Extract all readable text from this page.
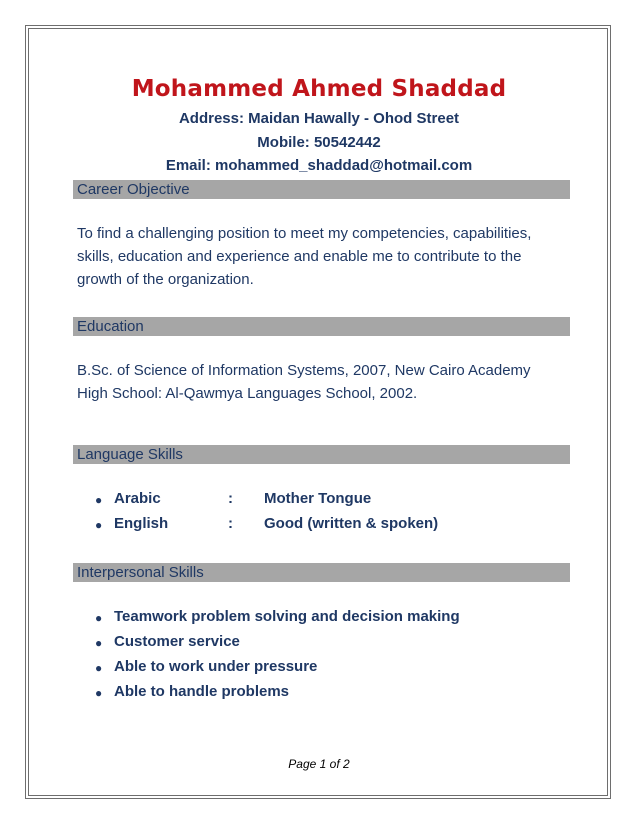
Mohammed Ahmed Shaddad
Address: Maidan Hawally - Ohod Street
Mobile: 50542442
Email: mohammed_shaddad@hotmail.com
Career Objective
To find a challenging position to meet my competencies, capabilities,
skills, education and experience and enable me to contribute to the
growth of the organization.
Education
B.Sc. of Science of Information Systems, 2007, New Cairo Academy
High School: Al-Qawmya Languages School, 2002.
Language Skills
● Arabic	: Mother Tongue
● English	: Good (written & spoken)
Interpersonal Skills
● Teamwork problem solving and decision making
● Customer service
● Able to work under pressure
● Able to handle problems
Page 1 of 2
